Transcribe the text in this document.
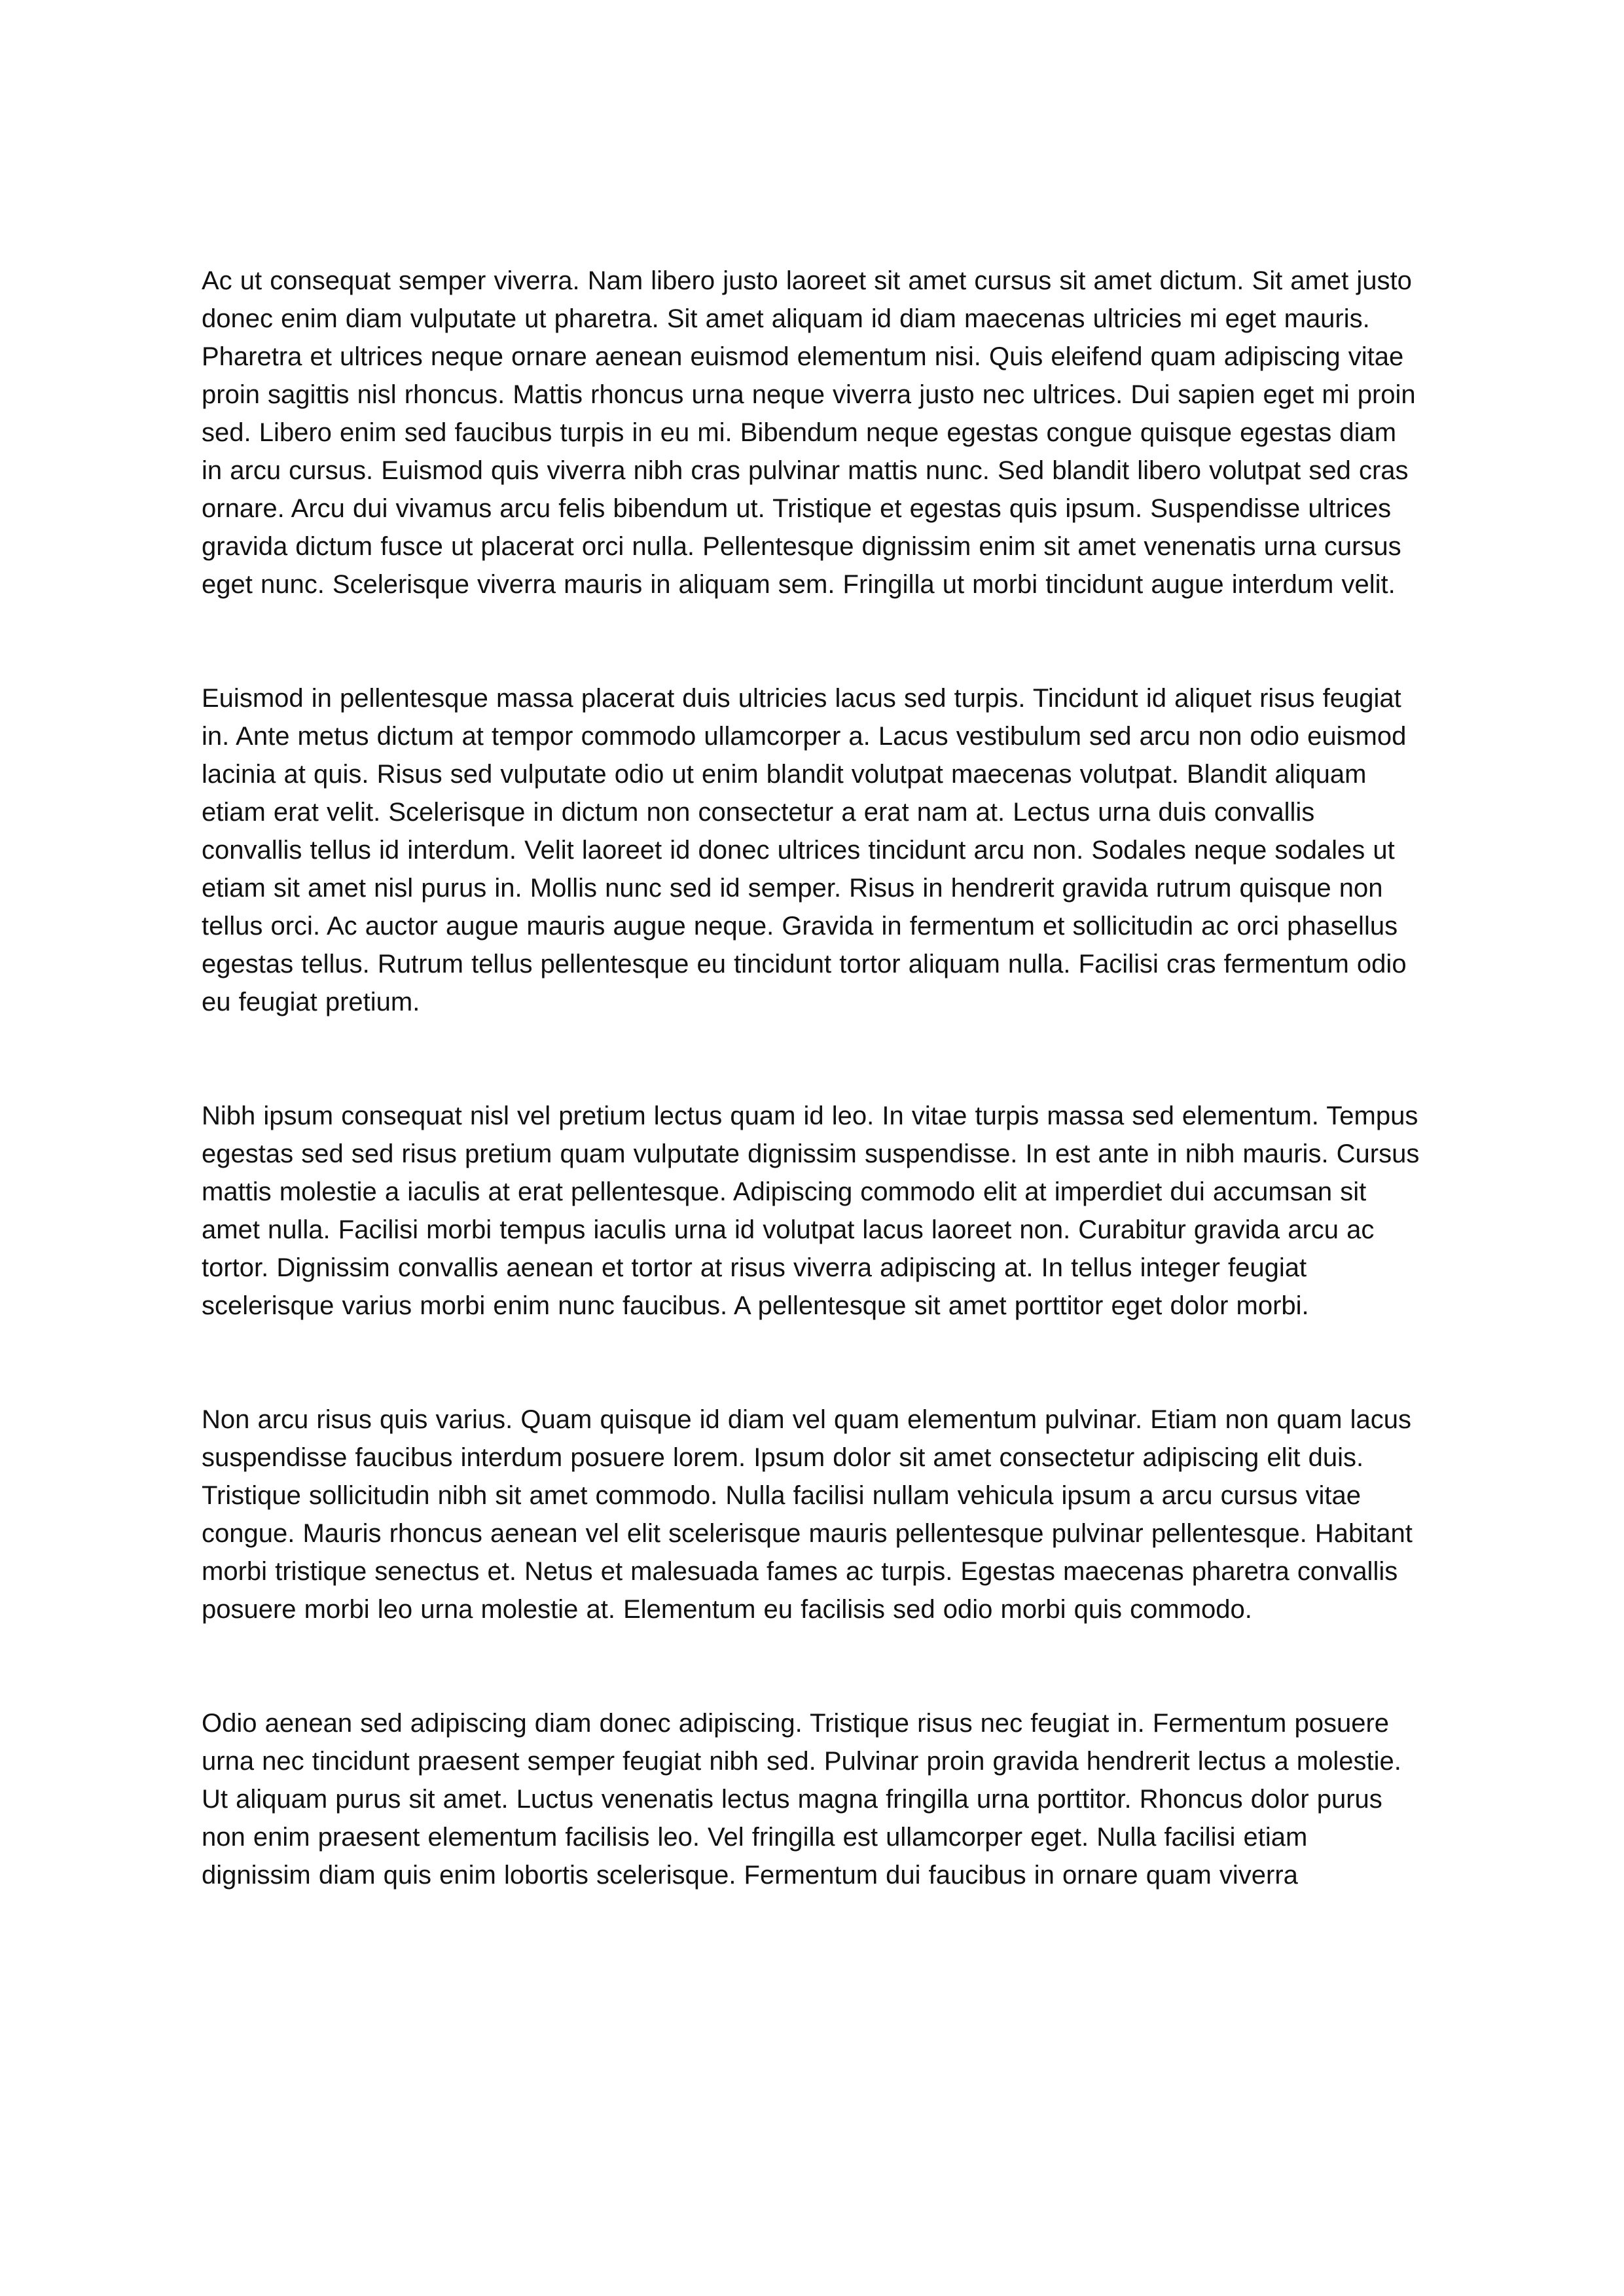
Ac ut consequat semper viverra. Nam libero justo laoreet sit amet cursus sit amet dictum. Sit amet justo donec enim diam vulputate ut pharetra. Sit amet aliquam id diam maecenas ultricies mi eget mauris. Pharetra et ultrices neque ornare aenean euismod elementum nisi. Quis eleifend quam adipiscing vitae proin sagittis nisl rhoncus. Mattis rhoncus urna neque viverra justo nec ultrices. Dui sapien eget mi proin sed. Libero enim sed faucibus turpis in eu mi. Bibendum neque egestas congue quisque egestas diam in arcu cursus. Euismod quis viverra nibh cras pulvinar mattis nunc. Sed blandit libero volutpat sed cras ornare. Arcu dui vivamus arcu felis bibendum ut. Tristique et egestas quis ipsum. Suspendisse ultrices gravida dictum fusce ut placerat orci nulla. Pellentesque dignissim enim sit amet venenatis urna cursus eget nunc. Scelerisque viverra mauris in aliquam sem. Fringilla ut morbi tincidunt augue interdum velit.

Euismod in pellentesque massa placerat duis ultricies lacus sed turpis. Tincidunt id aliquet risus feugiat in. Ante metus dictum at tempor commodo ullamcorper a. Lacus vestibulum sed arcu non odio euismod lacinia at quis. Risus sed vulputate odio ut enim blandit volutpat maecenas volutpat. Blandit aliquam etiam erat velit. Scelerisque in dictum non consectetur a erat nam at. Lectus urna duis convallis convallis tellus id interdum. Velit laoreet id donec ultrices tincidunt arcu non. Sodales neque sodales ut etiam sit amet nisl purus in. Mollis nunc sed id semper. Risus in hendrerit gravida rutrum quisque non tellus orci. Ac auctor augue mauris augue neque. Gravida in fermentum et sollicitudin ac orci phasellus egestas tellus. Rutrum tellus pellentesque eu tincidunt tortor aliquam nulla. Facilisi cras fermentum odio eu feugiat pretium.

Nibh ipsum consequat nisl vel pretium lectus quam id leo. In vitae turpis massa sed elementum. Tempus egestas sed sed risus pretium quam vulputate dignissim suspendisse. In est ante in nibh mauris. Cursus mattis molestie a iaculis at erat pellentesque. Adipiscing commodo elit at imperdiet dui accumsan sit amet nulla. Facilisi morbi tempus iaculis urna id volutpat lacus laoreet non. Curabitur gravida arcu ac tortor. Dignissim convallis aenean et tortor at risus viverra adipiscing at. In tellus integer feugiat scelerisque varius morbi enim nunc faucibus. A pellentesque sit amet porttitor eget dolor morbi.

Non arcu risus quis varius. Quam quisque id diam vel quam elementum pulvinar. Etiam non quam lacus suspendisse faucibus interdum posuere lorem. Ipsum dolor sit amet consectetur adipiscing elit duis. Tristique sollicitudin nibh sit amet commodo. Nulla facilisi nullam vehicula ipsum a arcu cursus vitae congue. Mauris rhoncus aenean vel elit scelerisque mauris pellentesque pulvinar pellentesque. Habitant morbi tristique senectus et. Netus et malesuada fames ac turpis. Egestas maecenas pharetra convallis posuere morbi leo urna molestie at. Elementum eu facilisis sed odio morbi quis commodo.

Odio aenean sed adipiscing diam donec adipiscing. Tristique risus nec feugiat in. Fermentum posuere urna nec tincidunt praesent semper feugiat nibh sed. Pulvinar proin gravida hendrerit lectus a molestie. Ut aliquam purus sit amet. Luctus venenatis lectus magna fringilla urna porttitor. Rhoncus dolor purus non enim praesent elementum facilisis leo. Vel fringilla est ullamcorper eget. Nulla facilisi etiam dignissim diam quis enim lobortis scelerisque. Fermentum dui faucibus in ornare quam viverra
